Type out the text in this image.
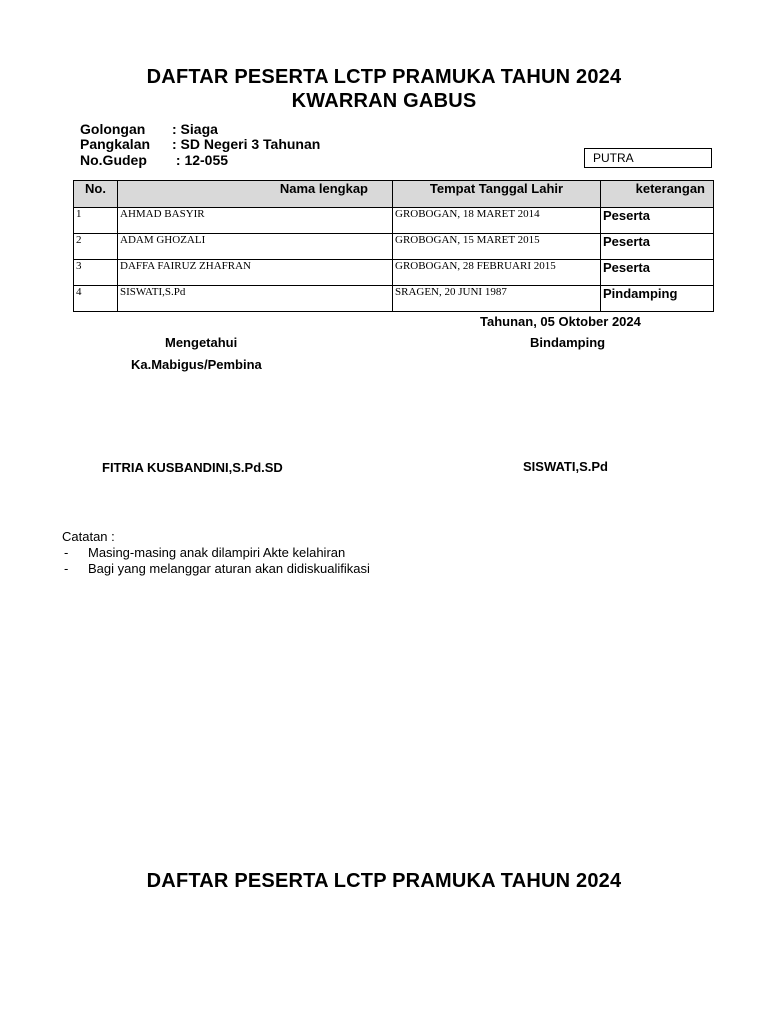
DAFTAR PESERTA LCTP PRAMUKA TAHUN 2024
KWARRAN GABUS
Golongan : Siaga
Pangkalan : SD Negeri 3 Tahunan
No.Gudep : 12-055	PUTRA
No.	Nama lengkap	Tempat Tanggal Lahir	keterangan
1	AHMAD BASYIR	GROBOGAN, 18 MARET 2014	Peserta
2	ADAM GHOZALI	GROBOGAN, 15 MARET 2015	Peserta
3	DAFFA FAIRUZ ZHAFRAN	GROBOGAN, 28 FEBRUARI 2015	Peserta
4	SISWATI,S.Pd	SRAGEN, 20 JUNI 1987	Pindamping
Tahunan, 05 Oktober 2024
Mengetahui	Bindamping
Ka.Mabigus/Pembina
FITRIA KUSBANDINI,S.Pd.SD	SISWATI,S.Pd
Catatan :
- Masing-masing anak dilampiri Akte kelahiran
- Bagi yang melanggar aturan akan didiskualifikasi
DAFTAR PESERTA LCTP PRAMUKA TAHUN 2024
